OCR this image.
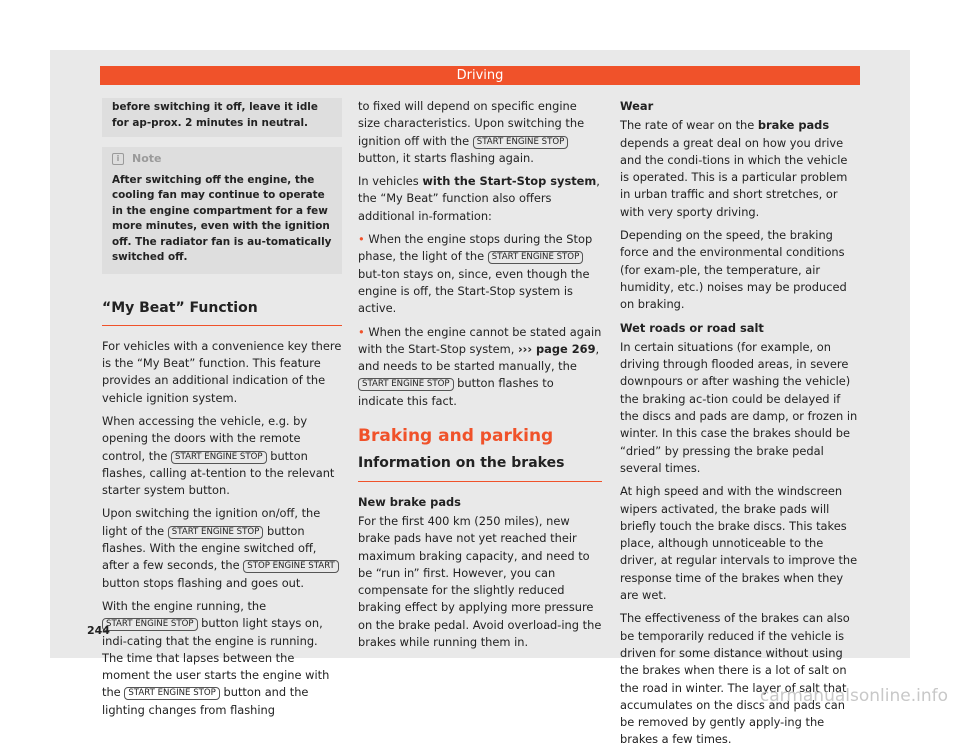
Driving
before switching it off, leave it idle for ap-prox. 2 minutes in neutral.
i	Note
After switching off the engine, the cooling fan may continue to operate in the engine compartment for a few more minutes, even with the ignition off. The radiator fan is au-tomatically switched off.
“My Beat” Function

For vehicles with a convenience key there is the “My Beat” function. This feature provides an additional indication of the vehicle ignition system.

When accessing the vehicle, e.g. by opening the doors with the remote control, the START ENGINE STOP button flashes, calling at-tention to the relevant starter system button.

Upon switching the ignition on/off, the light of the START ENGINE STOP button flashes. With the engine switched off, after a few seconds, the STOP ENGINE START button stops flashing and goes out.

With the engine running, the START ENGINE STOP button light stays on, indi-cating that the engine is running. The time that lapses between the moment the user starts the engine with the START ENGINE STOP button and the lighting changes from flashing

to fixed will depend on specific engine size characteristics. Upon switching the ignition off with the START ENGINE STOP button, it starts flashing again.

In vehicles with the Start-Stop system, the “My Beat” function also offers additional in-formation:

• When the engine stops during the Stop phase, the light of the START ENGINE STOP but-ton stays on, since, even though the engine is off, the Start-Stop system is active.

• When the engine cannot be stated again with the Start-Stop system, ››› page 269, and needs to be started manually, the START ENGINE STOP button flashes to indicate this fact.

Braking and parking
Information on the brakes

New brake pads

For the first 400 km (250 miles), new brake pads have not yet reached their maximum braking capacity, and need to be “run in” first. However, you can compensate for the slightly reduced braking effect by applying more pressure on the brake pedal. Avoid overload-ing the brakes while running them in.

Wear

The rate of wear on the brake pads depends a great deal on how you drive and the condi-tions in which the vehicle is operated. This is a particular problem in urban traffic and short stretches, or with very sporty driving.

Depending on the speed, the braking force and the environmental conditions (for exam-ple, the temperature, air humidity, etc.) noises may be produced on braking.

Wet roads or road salt

In certain situations (for example, on driving through flooded areas, in severe downpours or after washing the vehicle) the braking ac-tion could be delayed if the discs and pads are damp, or frozen in winter. In this case the brakes should be “dried” by pressing the brake pedal several times.

At high speed and with the windscreen wipers activated, the brake pads will briefly touch the brake discs. This takes place, although unnoticeable to the driver, at regular intervals to improve the response time of the brakes when they are wet.

The effectiveness of the brakes can also be temporarily reduced if the vehicle is driven for some distance without using the brakes when there is a lot of salt on the road in winter. The layer of salt that accumulates on the discs and pads can be removed by gently apply-ing the brakes a few times.

244
carmanualsonline.info
